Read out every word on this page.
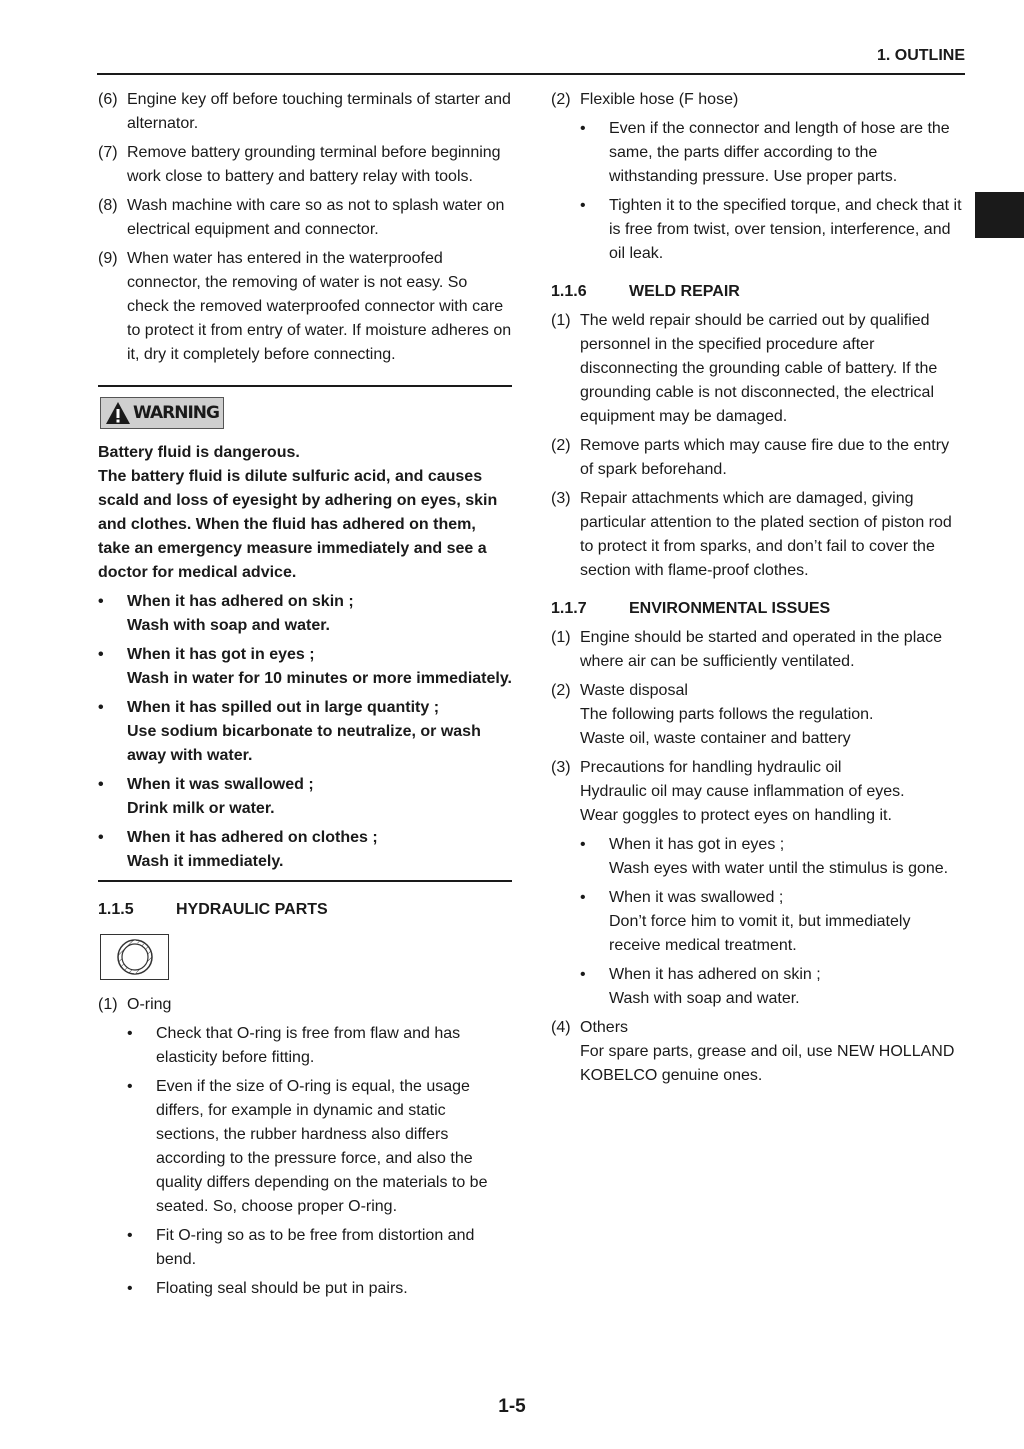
1. OUTLINE
(6) Engine key off before touching terminals of starter and alternator.
(7) Remove battery grounding terminal before beginning work close to battery and battery relay with tools.
(8) Wash machine with care so as not to splash water on electrical equipment and connector.
(9) When water has entered in the waterproofed connector, the removing of water is not easy. So check the removed waterproofed connector with care to protect it from entry of water. If moisture adheres on it, dry it completely before connecting.
WARNING
Battery fluid is dangerous.
The battery fluid is dilute sulfuric acid, and causes scald and loss of eyesight by adhering on eyes, skin and clothes. When the fluid has adhered on them, take an emergency measure immediately and see a doctor for medical advice.
•	When it has adhered on skin ;
Wash with soap and water.
•	When it has got in eyes ;
Wash in water for 10 minutes or more immediately.
•	When it has spilled out in large quantity ;
Use sodium bicarbonate to neutralize, or wash away with water.
•	When it was swallowed ;
Drink milk or water.
•	When it has adhered on clothes ;
Wash it immediately.
1.1.5	HYDRAULIC PARTS
(1) O-ring
•	Check that O-ring is free from flaw and has elasticity before fitting.
•	Even if the size of O-ring is equal, the usage differs, for example in dynamic and static sections, the rubber hardness also differs according to the pressure force, and also the quality differs depending on the materials to be seated. So, choose proper O-ring.
•	Fit O-ring so as to be free from distortion and bend.
•	Floating seal should be put in pairs.
(2) Flexible hose (F hose)
•	Even if the connector and length of hose are the same, the parts differ according to the withstanding pressure. Use proper parts.
•	Tighten it to the specified torque, and check that it is free from twist, over tension, interference, and oil leak.
1.1.6	WELD REPAIR
(1) The weld repair should be carried out by qualified personnel in the specified procedure after disconnecting the grounding cable of battery. If the grounding cable is not disconnected, the electrical equipment may be damaged.
(2) Remove parts which may cause fire due to the entry of spark beforehand.
(3) Repair attachments which are damaged, giving particular attention to the plated section of piston rod to protect it from sparks, and don’t fail to cover the section with flame-proof clothes.
1.1.7	ENVIRONMENTAL ISSUES
(1) Engine should be started and operated in the place where air can be sufficiently ventilated.
(2) Waste disposal
The following parts follows the regulation.
Waste oil, waste container and battery
(3) Precautions for handling hydraulic oil
Hydraulic oil may cause inflammation of eyes.
Wear goggles to protect eyes on handling it.
•	When it has got in eyes ;
Wash eyes with water until the stimulus is gone.
•	When it was swallowed ;
Don’t force him to vomit it, but immediately receive medical treatment.
•	When it has adhered on skin ;
Wash with soap and water.
(4) Others
For spare parts, grease and oil, use NEW HOLLAND KOBELCO genuine ones.
1-5
